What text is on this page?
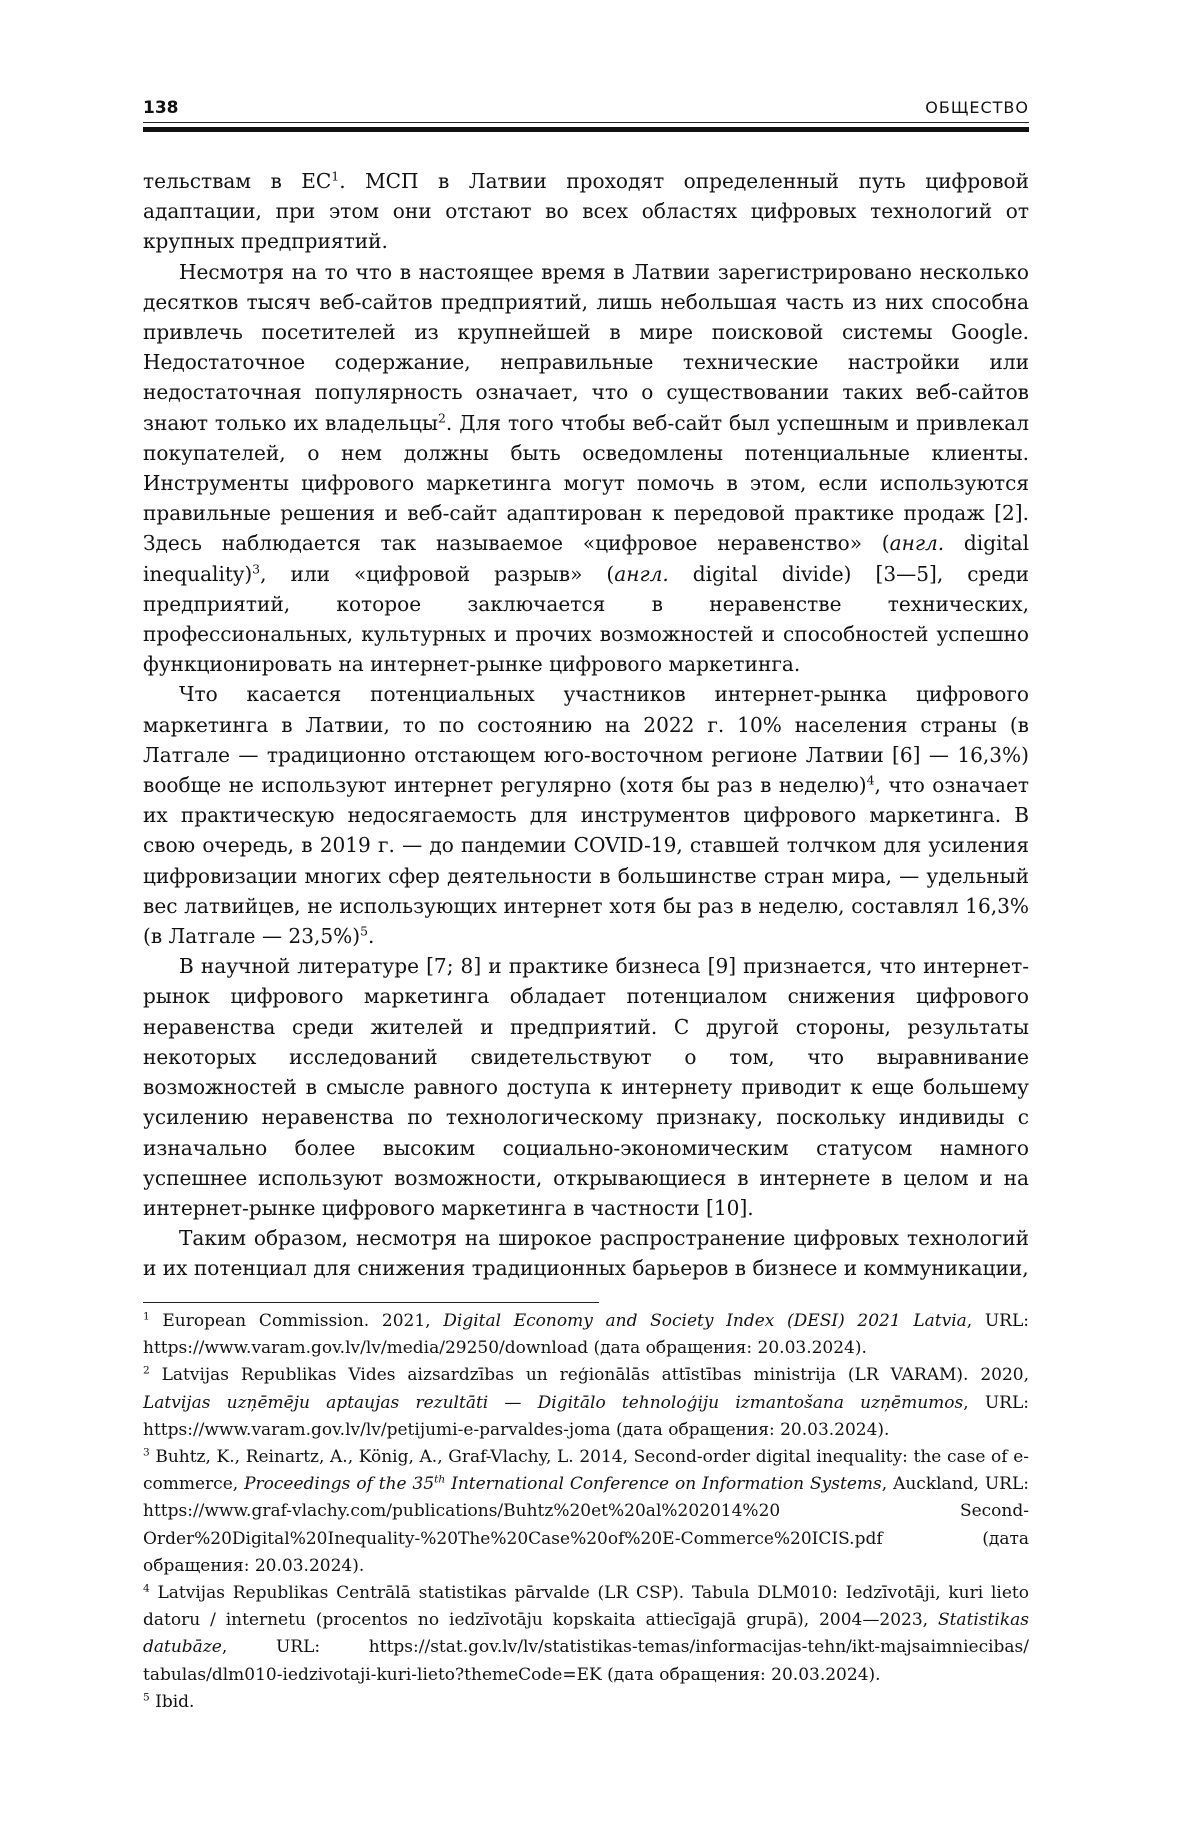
138	ОБЩЕСТВО

тельствам в $ЕС^1$. МСП в Латвии проходят определенный путь цифровой адаптации, при этом они отстают во всех областях цифровых технологий от крупных предприятий.

Несмотря на то что в настоящее время в Латвии зарегистрировано несколько десятков тысяч веб-сайтов предприятий, лишь небольшая часть из них способна привлечь посетителей из крупнейшей в мире поисковой системы Google. Недостаточное содержание, неправильные технические настройки или недостаточная популярность означает, что о существовании таких веб-сайтов знают только их владельцы$^2$. Для того чтобы веб-сайт был успешным и привлекал покупателей, о нем должны быть осведомлены потенциальные клиенты. Инструменты цифрового маркетинга могут помочь в этом, если используются правильные решения и веб-сайт адаптирован к передовой практике продаж [2]. Здесь наблюдается так называемое «цифровое неравенство» (англ. digital inequality)$^3$, или «цифровой разрыв» (англ. digital divide) [3—5], среди предприятий, которое заключается в неравенстве технических, профессиональных, культурных и прочих возможностей и способностей успешно функционировать на интернет-рынке цифрового маркетинга.

Что касается потенциальных участников интернет-рынка цифрового маркетинга в Латвии, то по состоянию на 2022 г. 10% населения страны (в Латгале — традиционно отстающем юго-восточном регионе Латвии [6] — 16,3%) вообще не используют интернет регулярно (хотя бы раз в неделю)$^4$, что означает их практическую недосягаемость для инструментов цифрового маркетинга. В свою очередь, в 2019 г. — до пандемии COVID-19, ставшей толчком для усиления цифровизации многих сфер деятельности в большинстве стран мира, — удельный вес латвийцев, не использующих интернет хотя бы раз в неделю, составлял 16,3% (в Латгале — 23,5%)$^5$.

В научной литературе [7; 8] и практике бизнеса [9] признается, что интернет-рынок цифрового маркетинга обладает потенциалом снижения цифрового неравенства среди жителей и предприятий. С другой стороны, результаты некоторых исследований свидетельствуют о том, что выравнивание возможностей в смысле равного доступа к интернету приводит к еще большему усилению неравенства по технологическому признаку, поскольку индивиды с изначально более высоким социально-экономическим статусом намного успешнее используют возможности, открывающиеся в интернете в целом и на интернет-рынке цифрового маркетинга в частности [10].

Таким образом, несмотря на широкое распространение цифровых технологий и их потенциал для снижения традиционных барьеров в бизнесе и коммуникации,

$^1$ European Commission. 2021, Digital Economy and Society Index (DESI) 2021 Latvia, URL: https://www.varam.gov.lv/lv/media/29250/download (дата обращения: 20.03.2024).

$^2$ Latvijas Republikas Vides aizsardzības un reģionālās attīstības ministrija (LR VARAM). 2020, Latvijas uzņēmēju aptaujas rezultāti — Digitālo tehnoloģiju izmantošana uzņēmumos, URL: https://www.varam.gov.lv/lv/petijumi-e-parvaldes-joma (дата обращения: 20.03.2024).

$^3$ Buhtz, K., Reinartz, A., König, A., Graf-Vlachy, L. 2014, Second-order digital inequality: the case of e-commerce, Proceedings of the 35th International Conference on Information Systems, Auckland, URL: https://www.graf-vlachy.com/publications/Buhtz%20et%20al%202014%20 Second-Order%20Digital%20Inequality-%20The%20Case%20of%20E-Commerce%20ICIS.pdf (дата обращения: 20.03.2024).

$^4$ Latvijas Republikas Centrālā statistikas pārvalde (LR CSP). Tabula DLM010: Iedzīvotāji, kuri lieto datoru / internetu (procentos no iedzīvotāju kopskaita attiecīgajā grupā), 2004—2023, Statistikas datubāze, URL: https://stat.gov.lv/lv/statistikas-temas/informacijas-tehn/ikt-majsaimniecibas/ tabulas/dlm010-iedzivotaji-kuri-lieto?themeCode=EK (дата обращения: 20.03.2024).

$^5$ Ibid.
